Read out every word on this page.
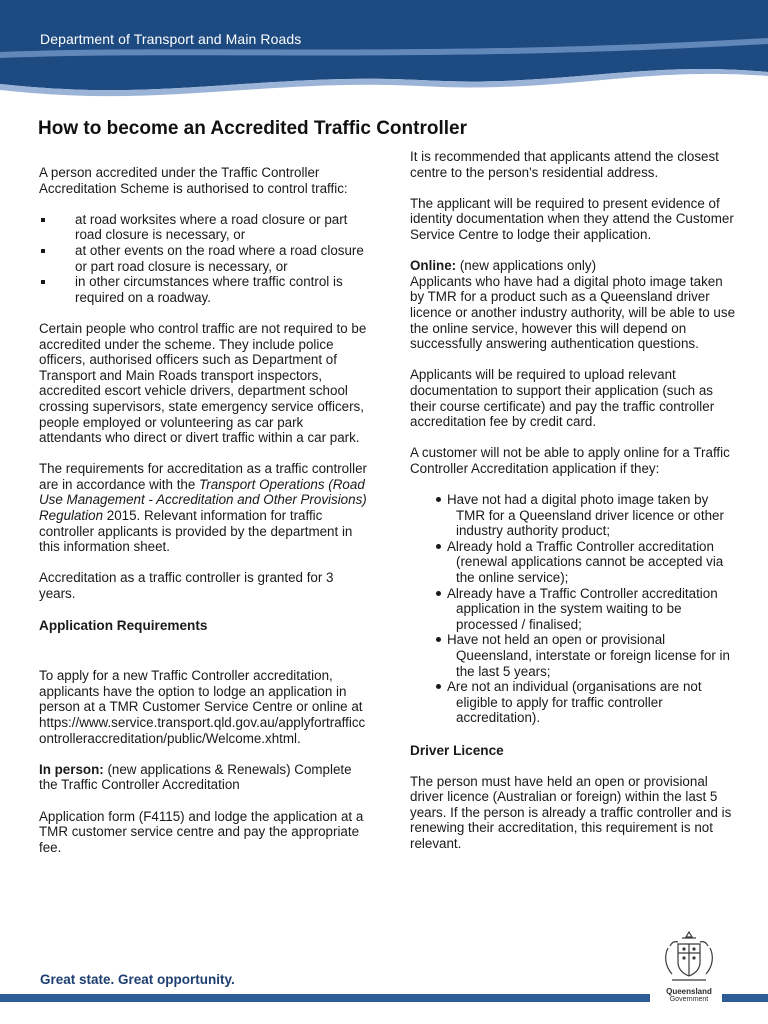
Department of Transport and Main Roads
How to become an Accredited Traffic Controller

A person accredited under the Traffic Controller Accreditation Scheme is authorised to control traffic:

at road worksites where a road closure or part road closure is necessary, or
at other events on the road where a road closure or part road closure is necessary, or
in other circumstances where traffic control is required on a roadway.

Certain people who control traffic are not required to be accredited under the scheme. They include police officers, authorised officers such as Department of Transport and Main Roads transport inspectors, accredited escort vehicle drivers, department school crossing supervisors, state emergency service officers, people employed or volunteering as car park attendants who direct or divert traffic within a car park.

The requirements for accreditation as a traffic controller are in accordance with the Transport Operations (Road Use Management - Accreditation and Other Provisions) Regulation 2015. Relevant information for traffic controller applicants is provided by the department in this information sheet.

Accreditation as a traffic controller is granted for 3 years.

Application Requirements

To apply for a new Traffic Controller accreditation, applicants have the option to lodge an application in person at a TMR Customer Service Centre or online at

https://www.service.transport.qld.gov.au/applyfortrafficcontrolleraccreditation/public/Welcome.xhtml.

In person: (new applications & Renewals) Complete the Traffic Controller Accreditation

Application form (F4115) and lodge the application at a TMR customer service centre and pay the appropriate fee.

It is recommended that applicants attend the closest centre to the person's residential address.

The applicant will be required to present evidence of identity documentation when they attend the Customer Service Centre to lodge their application.

Online: (new applications only)

Applicants who have had a digital photo image taken by TMR for a product such as a Queensland driver licence or another industry authority, will be able to use the online service, however this will depend on successfully answering authentication questions.

Applicants will be required to upload relevant documentation to support their application (such as their course certificate) and pay the traffic controller accreditation fee by credit card.

A customer will not be able to apply online for a Traffic Controller Accreditation application if they:

Have not had a digital photo image taken by TMR for a Queensland driver licence or other industry authority product;
Already hold a Traffic Controller accreditation (renewal applications cannot be accepted via the online service);
Already have a Traffic Controller accreditation application in the system waiting to be processed / finalised;
Have not held an open or provisional Queensland, interstate or foreign license for in the last 5 years;
Are not an individual (organisations are not eligible to apply for traffic controller accreditation).
Driver Licence

The person must have held an open or provisional driver licence (Australian or foreign) within the last 5 years. If the person is already a traffic controller and is renewing their accreditation, this requirement is not relevant.

Great state. Great opportunity.

Queensland
Government
